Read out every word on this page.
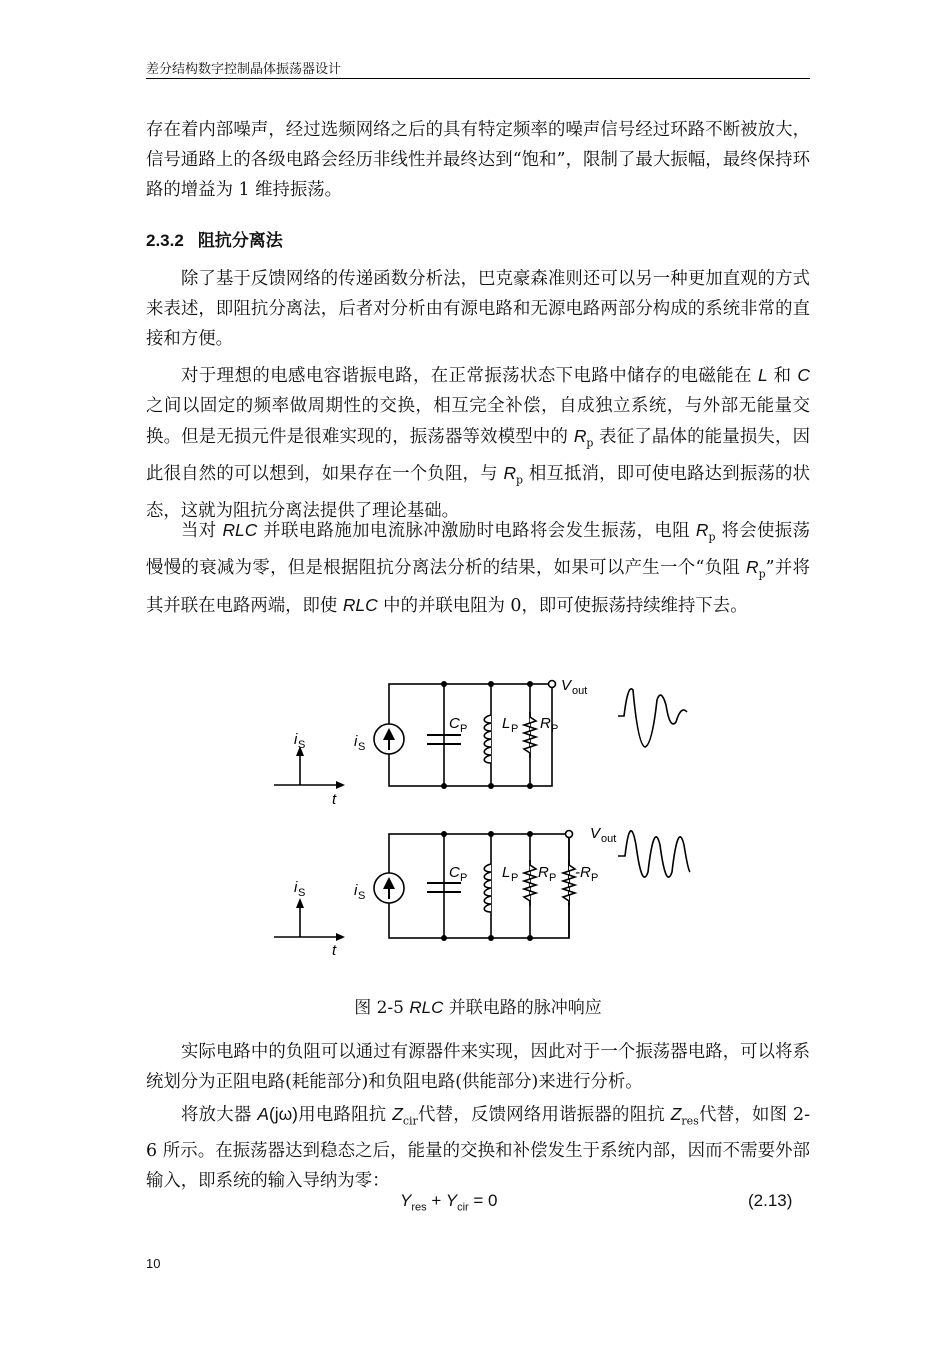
差分结构数字控制晶体振荡器设计

存在着内部噪声，经过选频网络之后的具有特定频率的噪声信号经过环路不断被放大，信号通路上的各级电路会经历非线性并最终达到“饱和”，限制了最大振幅，最终保持环路的增益为 1 维持振荡。

2.3.2 阻抗分离法

除了基于反馈网络的传递函数分析法，巴克豪森准则还可以另一种更加直观的方式来表述，即阻抗分离法，后者对分析由有源电路和无源电路两部分构成的系统非常的直接和方便。

对于理想的电感电容谐振电路，在正常振荡状态下电路中储存的电磁能在 L 和 C 之间以固定的频率做周期性的交换，相互完全补偿，自成独立系统，与外部无能量交换。但是无损元件是很难实现的，振荡器等效模型中的 $R_p$ 表征了晶体的能量损失，因此很自然的可以想到，如果存在一个负阻，与 $R_p$ 相互抵消，即可使电路达到振荡的状态，这就为阻抗分离法提供了理论基础。

当对 RLC 并联电路施加电流脉冲激励时电路将会发生振荡，电阻 $R_p$ 将会使振荡慢慢的衰减为零，但是根据阻抗分离法分析的结果，如果可以产生一个“负阻 $R_p$”并将其并联在电路两端，即使 RLC 中的并联电阻为 0，即可使振荡持续维持下去。

V out
C P L P R P
i S	i S
t
V out
C P L P R P -R P
i S	i S
t
图 2-5 RLC 并联电路的脉冲响应

实际电路中的负阻可以通过有源器件来实现，因此对于一个振荡器电路，可以将系统划分为正阻电路(耗能部分)和负阻电路(供能部分)来进行分析。

将放大器 A(jω)用电路阻抗 $Z_{cir}$代替，反馈网络用谐振器的阻抗 $Z_{res}$代替，如图 2-6 所示。在振荡器达到稳态之后，能量的交换和补偿发生于系统内部，因而不需要外部输入，即系统的输入导纳为零：

$Y_{res} + Y_{cir} = 0$	(2.13)
10
